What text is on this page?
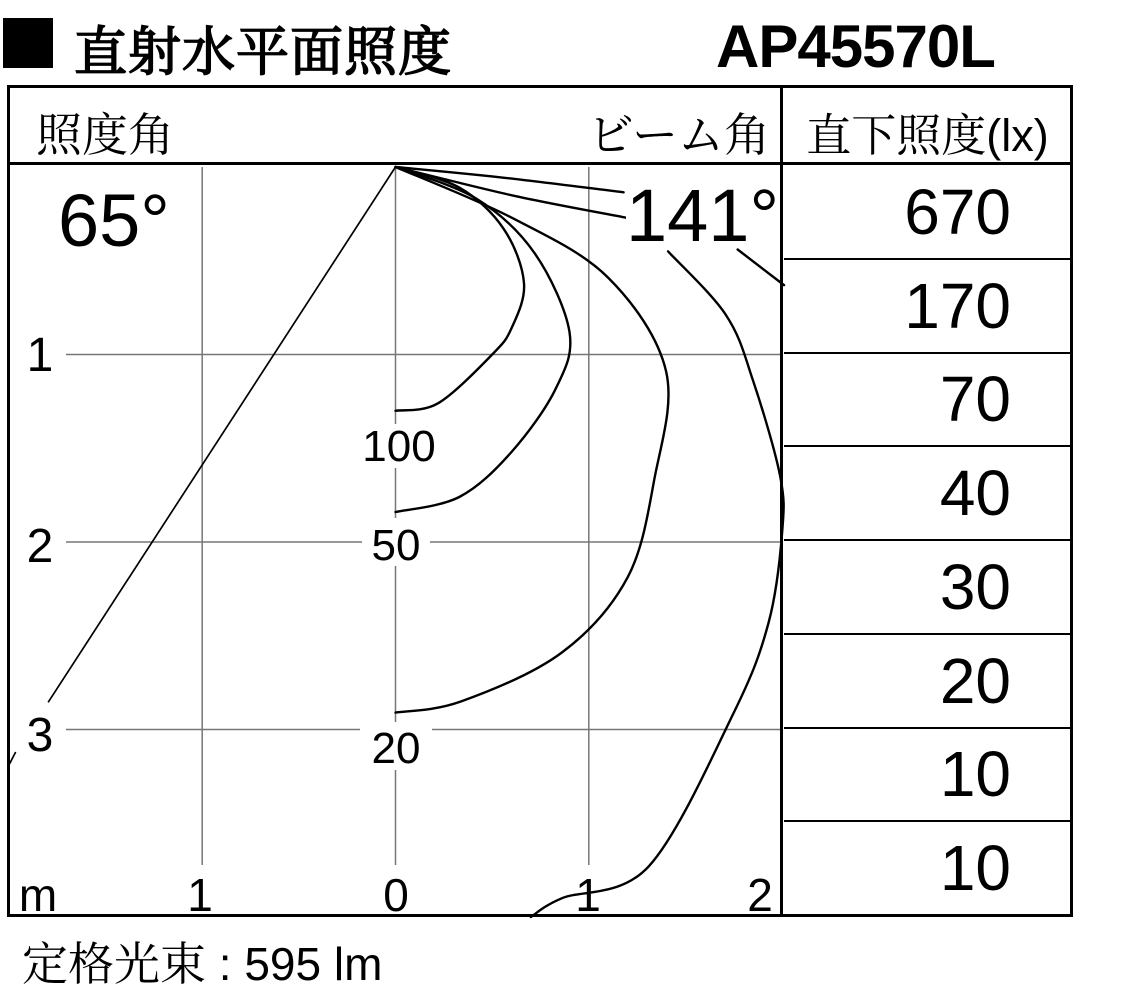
直射水平面照度	AP45570L
100
50
20
65°	141°
m	1	0	1	2
1
2
3
照度角	ビーム角 直下照度(lx)
670
170
70
40
30
20
10
10
定格光束 : 595 lm
